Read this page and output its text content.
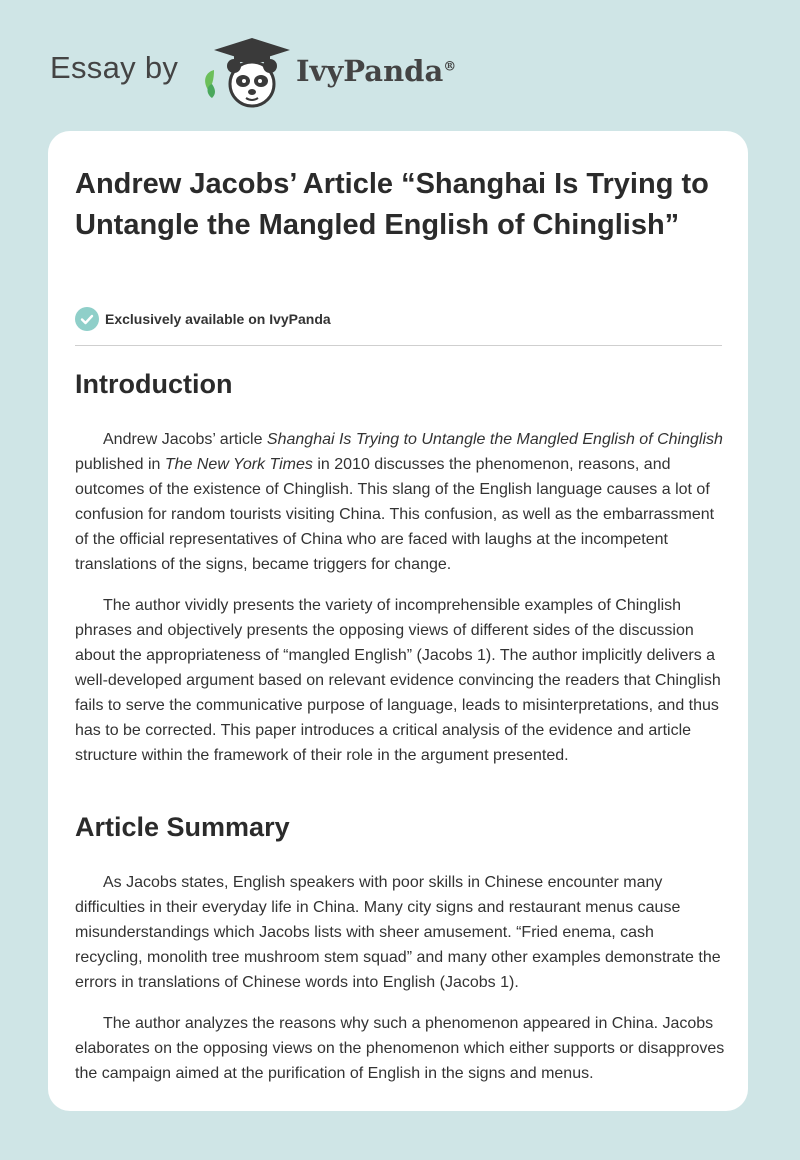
Essay by	IvyPanda®
Andrew Jacobs’ Article “Shanghai Is Trying to Untangle the Mangled English of Chinglish”
Exclusively available on IvyPanda
Introduction

Andrew Jacobs’ article Shanghai Is Trying to Untangle the Mangled English of Chinglish published in The New York Times in 2010 discusses the phenomenon, reasons, and outcomes of the existence of Chinglish. This slang of the English language causes a lot of confusion for random tourists visiting China. This confusion, as well as the embarrassment of the official representatives of China who are faced with laughs at the incompetent translations of the signs, became triggers for change.

The author vividly presents the variety of incomprehensible examples of Chinglish phrases and objectively presents the opposing views of different sides of the discussion about the appropriateness of “mangled English” (Jacobs 1). The author implicitly delivers a well-developed argument based on relevant evidence convincing the readers that Chinglish fails to serve the communicative purpose of language, leads to misinterpretations, and thus has to be corrected. This paper introduces a critical analysis of the evidence and article structure within the framework of their role in the argument presented.

Article Summary

As Jacobs states, English speakers with poor skills in Chinese encounter many difficulties in their everyday life in China. Many city signs and restaurant menus cause misunderstandings which Jacobs lists with sheer amusement. “Fried enema, cash recycling, monolith tree mushroom stem squad” and many other examples demonstrate the errors in translations of Chinese words into English (Jacobs 1).

The author analyzes the reasons why such a phenomenon appeared in China. Jacobs elaborates on the opposing views on the phenomenon which either supports or disapproves the campaign aimed at the purification of English in the signs and menus.
